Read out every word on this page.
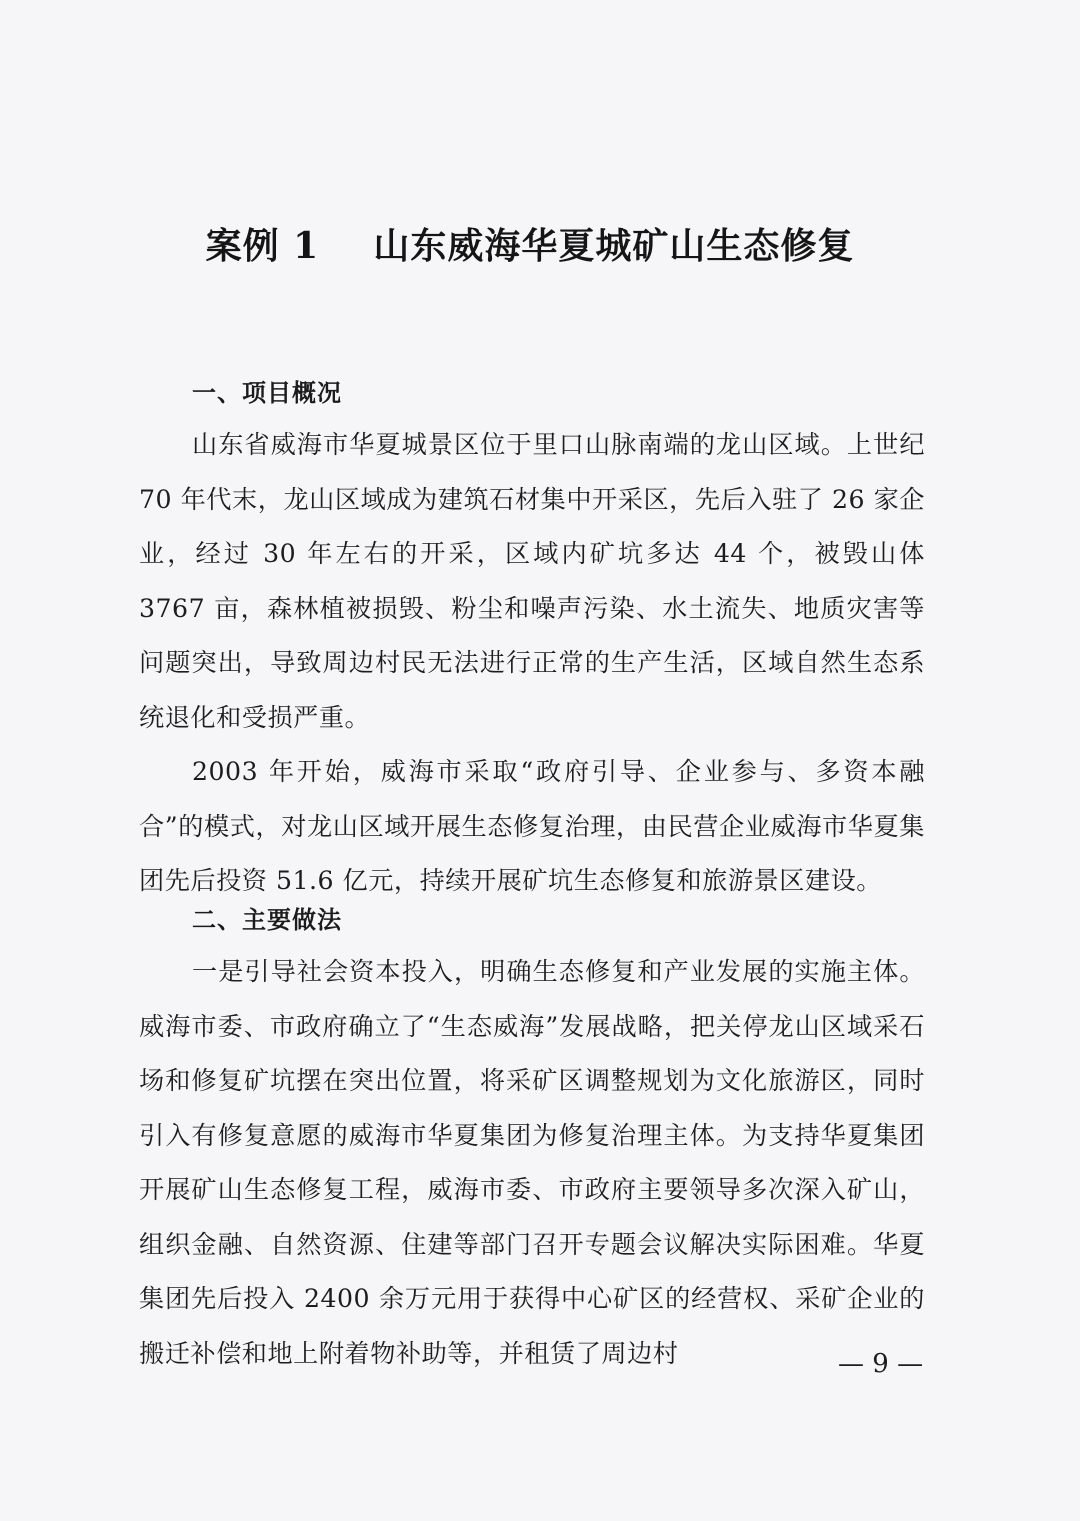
案例 1    山东威海华夏城矿山生态修复
一、项目概况

山东省威海市华夏城景区位于里口山脉南端的龙山区域。上世纪 70 年代末，龙山区域成为建筑石材集中开采区，先后入驻了 26 家企业，经过 30 年左右的开采，区域内矿坑多达 44 个，被毁山体 3767 亩，森林植被损毁、粉尘和噪声污染、水土流失、地质灾害等问题突出，导致周边村民无法进行正常的生产生活，区域自然生态系统退化和受损严重。

2003 年开始，威海市采取“政府引导、企业参与、多资本融合”的模式，对龙山区域开展生态修复治理，由民营企业威海市华夏集团先后投资 51.6 亿元，持续开展矿坑生态修复和旅游景区建设。

二、主要做法

一是引导社会资本投入，明确生态修复和产业发展的实施主体。威海市委、市政府确立了“生态威海”发展战略，把关停龙山区域采石场和修复矿坑摆在突出位置，将采矿区调整规划为文化旅游区，同时引入有修复意愿的威海市华夏集团为修复治理主体。为支持华夏集团开展矿山生态修复工程，威海市委、市政府主要领导多次深入矿山，组织金融、自然资源、住建等部门召开专题会议解决实际困难。华夏集团先后投入 2400 余万元用于获得中心矿区的经营权、采矿企业的搬迁补偿和地上附着物补助等，并租赁了周边村	— 9 —
